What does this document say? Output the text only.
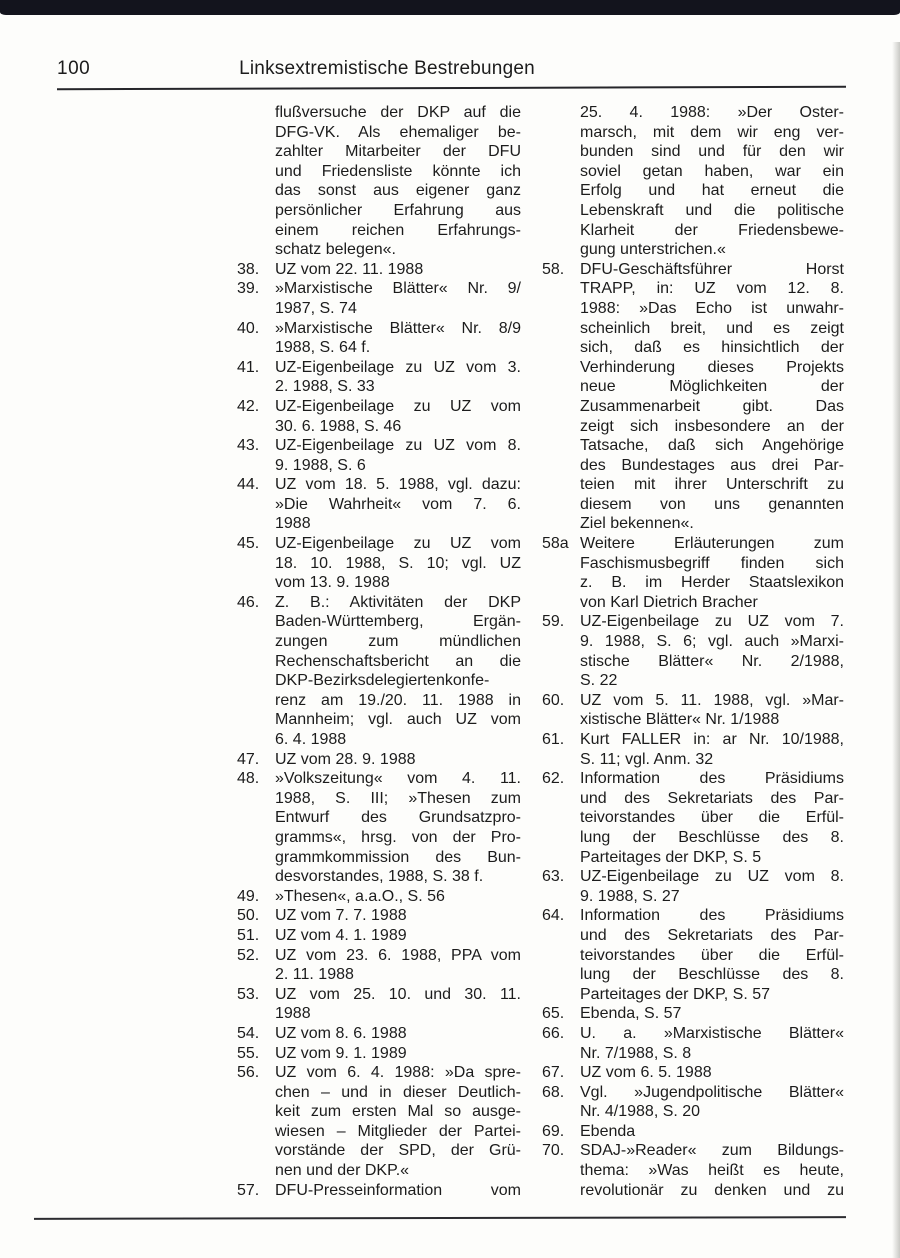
100	Linksextremistische Bestrebungen
flußversuche der DKP auf die
DFG-VK. Als ehemaliger be-
zahlter Mitarbeiter der DFU
und Friedensliste könnte ich
das sonst aus eigener ganz
persönlicher Erfahrung aus
einem reichen Erfahrungs-
schatz belegen«.
38. UZ vom 22. 11. 1988
39. »Marxistische Blätter« Nr. 9/
1987, S. 74
40. »Marxistische Blätter« Nr. 8/9
1988, S. 64 f.
41. UZ-Eigenbeilage zu UZ vom 3.
2. 1988, S. 33
42. UZ-Eigenbeilage zu UZ vom
30. 6. 1988, S. 46
43. UZ-Eigenbeilage zu UZ vom 8.
9. 1988, S. 6
44. UZ vom 18. 5. 1988, vgl. dazu:
»Die Wahrheit« vom 7. 6.
1988
45. UZ-Eigenbeilage zu UZ vom
18. 10. 1988, S. 10; vgl. UZ
vom 13. 9. 1988
46. Z. B.: Aktivitäten der DKP
Baden-Württemberg, Ergän-
zungen zum mündlichen
Rechenschaftsbericht an die
DKP-Bezirksdelegiertenkonfe-
renz am 19./20. 11. 1988 in
Mannheim; vgl. auch UZ vom
6. 4. 1988
47. UZ vom 28. 9. 1988
48. »Volkszeitung« vom 4. 11.
1988, S. III; »Thesen zum
Entwurf des Grundsatzpro-
gramms«, hrsg. von der Pro-
grammkommission des Bun-
desvorstandes, 1988, S. 38 f.
49. »Thesen«, a.a.O., S. 56
50. UZ vom 7. 7. 1988
51. UZ vom 4. 1. 1989
52. UZ vom 23. 6. 1988, PPA vom
2. 11. 1988
53. UZ vom 25. 10. und 30. 11.
1988
54. UZ vom 8. 6. 1988
55. UZ vom 9. 1. 1989
56. UZ vom 6. 4. 1988: »Da spre-
chen – und in dieser Deutlich-
keit zum ersten Mal so ausge-
wiesen – Mitglieder der Partei-
vorstände der SPD, der Grü-
nen und der DKP.«
57. DFU-Presseinformation vom
25. 4. 1988: »Der Oster-
marsch, mit dem wir eng ver-
bunden sind und für den wir
soviel getan haben, war ein
Erfolg und hat erneut die
Lebenskraft und die politische
Klarheit der Friedensbewe-
gung unterstrichen.«
58. DFU-Geschäftsführer Horst
TRAPP, in: UZ vom 12. 8.
1988: »Das Echo ist unwahr-
scheinlich breit, und es zeigt
sich, daß es hinsichtlich der
Verhinderung dieses Projekts
neue Möglichkeiten der
Zusammenarbeit gibt. Das
zeigt sich insbesondere an der
Tatsache, daß sich Angehörige
des Bundestages aus drei Par-
teien mit ihrer Unterschrift zu
diesem von uns genannten
Ziel bekennen«.
58a Weitere Erläuterungen zum
Faschismusbegriff finden sich
z. B. im Herder Staatslexikon
von Karl Dietrich Bracher
59. UZ-Eigenbeilage zu UZ vom 7.
9. 1988, S. 6; vgl. auch »Marxi-
stische Blätter« Nr. 2/1988,
S. 22
60. UZ vom 5. 11. 1988, vgl. »Mar-
xistische Blätter« Nr. 1/1988
61. Kurt FALLER in: ar Nr. 10/1988,
S. 11; vgl. Anm. 32
62. Information des Präsidiums
und des Sekretariats des Par-
teivorstandes über die Erfül-
lung der Beschlüsse des 8.
Parteitages der DKP, S. 5
63. UZ-Eigenbeilage zu UZ vom 8.
9. 1988, S. 27
64. Information des Präsidiums
und des Sekretariats des Par-
teivorstandes über die Erfül-
lung der Beschlüsse des 8.
Parteitages der DKP, S. 57
65. Ebenda, S. 57
66. U. a. »Marxistische Blätter«
Nr. 7/1988, S. 8
67. UZ vom 6. 5. 1988
68. Vgl. »Jugendpolitische Blätter«
Nr. 4/1988, S. 20
69. Ebenda
70. SDAJ-»Reader« zum Bildungs-
thema: »Was heißt es heute,
revolutionär zu denken und zu
